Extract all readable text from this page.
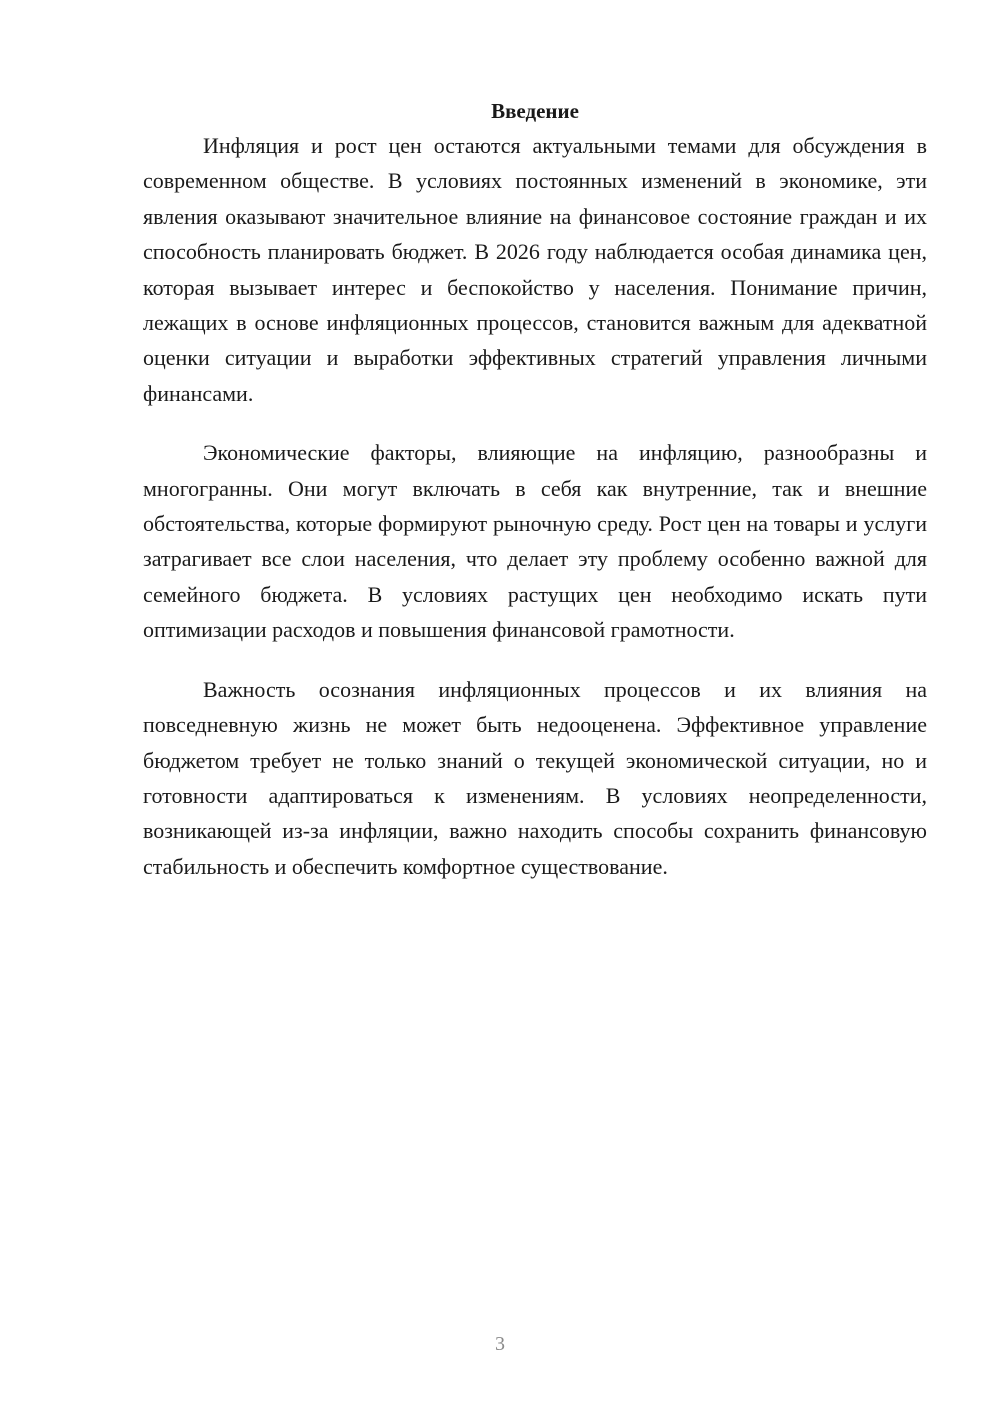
Введение

Инфляция и рост цен остаются актуальными темами для обсуждения в современном обществе. В условиях постоянных изменений в экономике, эти явления оказывают значительное влияние на финансовое состояние граждан и их способность планировать бюджет. В 2026 году наблюдается особая динамика цен, которая вызывает интерес и беспокойство у населения. Понимание причин, лежащих в основе инфляционных процессов, становится важным для адекватной оценки ситуации и выработки эффективных стратегий управления личными финансами.

Экономические факторы, влияющие на инфляцию, разнообразны и многогранны. Они могут включать в себя как внутренние, так и внешние обстоятельства, которые формируют рыночную среду. Рост цен на товары и услуги затрагивает все слои населения, что делает эту проблему особенно важной для семейного бюджета. В условиях растущих цен необходимо искать пути оптимизации расходов и повышения финансовой грамотности.

Важность осознания инфляционных процессов и их влияния на повседневную жизнь не может быть недооценена. Эффективное управление бюджетом требует не только знаний о текущей экономической ситуации, но и готовности адаптироваться к изменениям. В условиях неопределенности, возникающей из-за инфляции, важно находить способы сохранить финансовую стабильность и обеспечить комфортное существование.

3
